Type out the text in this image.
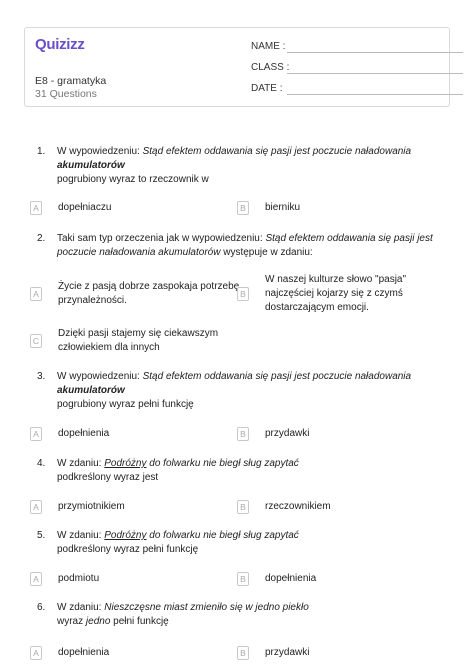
Quizizz
E8 - gramatyka
31 Questions
NAME :
CLASS :
DATE :
1. W wypowiedzeniu: Stąd efektem oddawania się pasji jest poczucie naładowania
akumulatorów
pogrubiony wyraz to rzeczownik w
A	dopełniaczu	B	bierniku
2. Taki sam typ orzeczenia jak w wypowiedzeniu: Stąd efektem oddawania się pasji jest
poczucie naładowania akumulatorów występuje w zdaniu:
A
Życie z pasją dobrze zaspokaja potrzebę
przynależności.
B
W naszej kulturze słowo "pasja"
najczęściej kojarzy się z czymś
dostarczającym emocji.
C
Dzięki pasji stajemy się ciekawszym
człowiekiem dla innych
3. W wypowiedzeniu: Stąd efektem oddawania się pasji jest poczucie naładowania
akumulatorów
pogrubiony wyraz pełni funkcję
A	dopełnienia	B	przydawki
4. W zdaniu: Podróżny do folwarku nie biegł sług zapytać
podkreślony wyraz jest
A	przymiotnikiem	B	rzeczownikiem
5. W zdaniu: Podróżny do folwarku nie biegł sług zapytać
podkreślony wyraz pełni funkcję
A	podmiotu	B	dopełnienia
6. W zdaniu: Nieszczęsne miast zmieniło się w jedno piekło
wyraz jedno pełni funkcję
A	dopełnienia	B	przydawki
